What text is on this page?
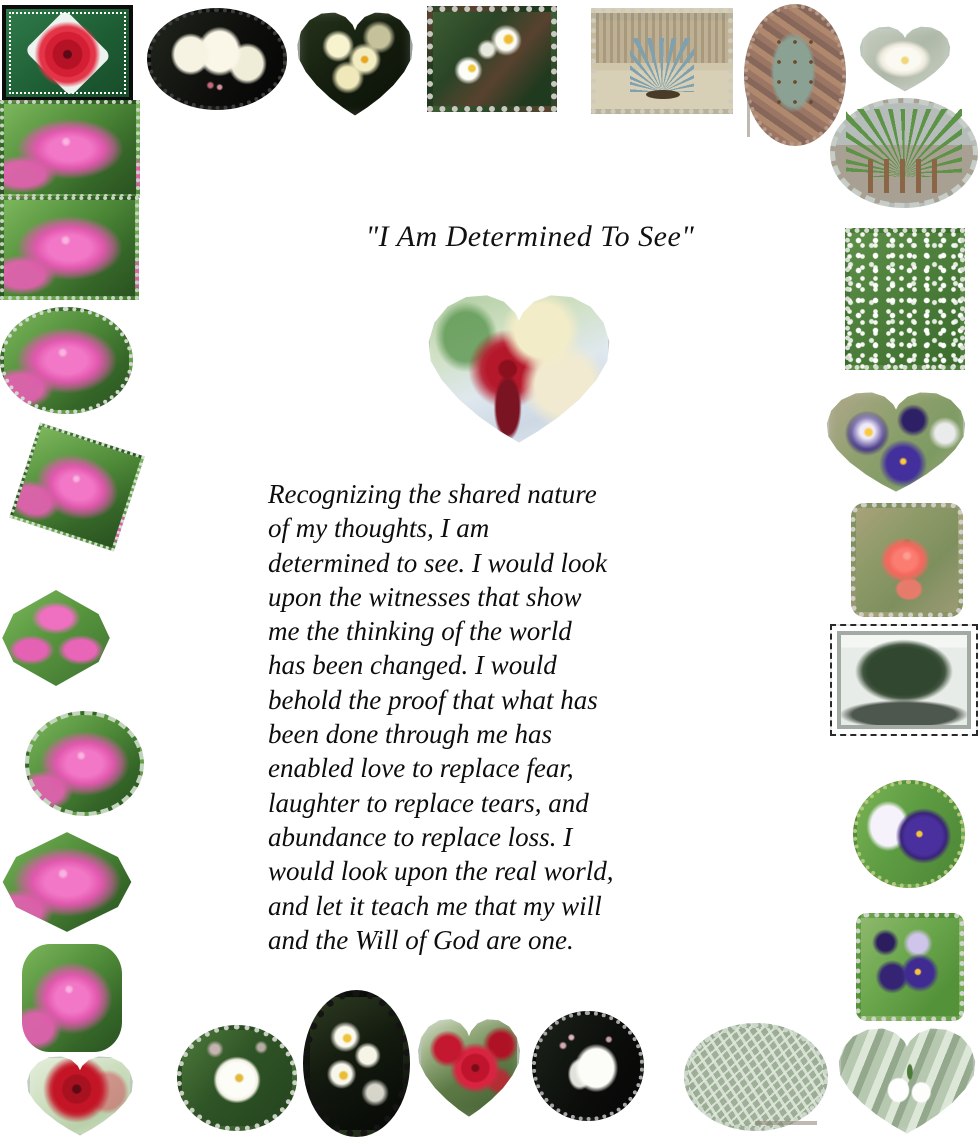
"I Am Determined To See"
Recognizing the shared nature
of my thoughts, I am
determined to see. I would look
upon the witnesses that show
me the thinking of the world
has been changed. I would
behold the proof that what has
been done through me has
enabled love to replace fear,
laughter to replace tears, and
abundance to replace loss. I
would look upon the real world,
and let it teach me that my will
and the Will of God are one.
